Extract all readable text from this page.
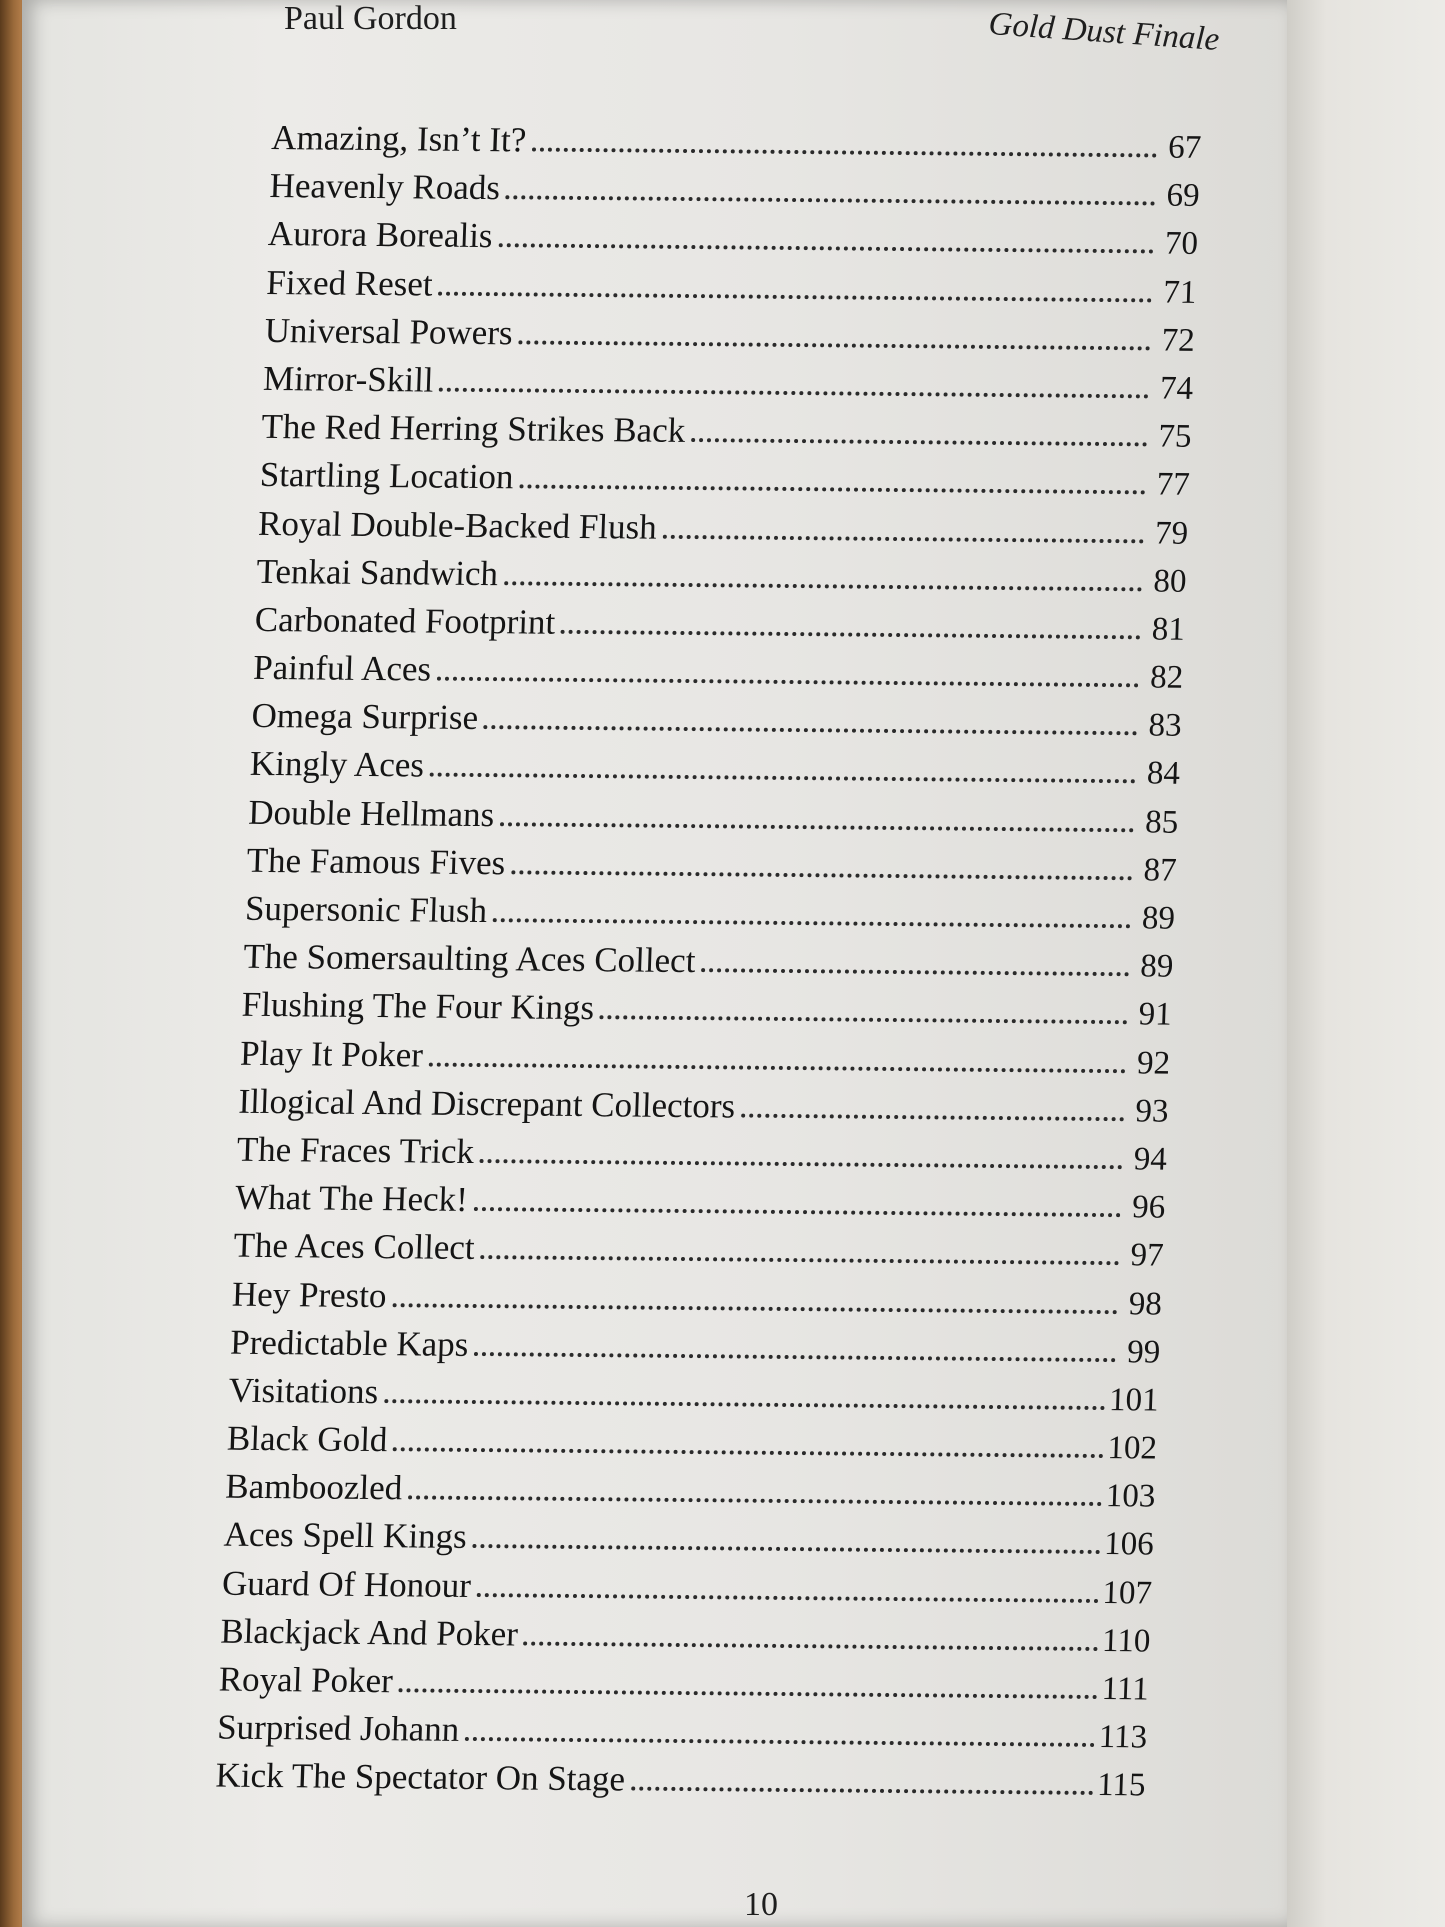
Paul Gordon	Gold Dust Finale
Amazing, Isn’t It?	67
Heavenly Roads	69
Aurora Borealis	70
Fixed Reset	71
Universal Powers	72
Mirror-Skill	74
The Red Herring Strikes Back	75
Startling Location	77
Royal Double-Backed Flush	79
Tenkai Sandwich	80
Carbonated Footprint	81
Painful Aces	82
Omega Surprise	83
Kingly Aces	84
Double Hellmans	85
The Famous Fives	87
Supersonic Flush	89
The Somersaulting Aces Collect	89
Flushing The Four Kings	91
Play It Poker	92
Illogical And Discrepant Collectors	93
The Fraces Trick	94
What The Heck!	96
The Aces Collect	97
Hey Presto	98
Predictable Kaps	99
Visitations	101
Black Gold	102
Bamboozled	103
Aces Spell Kings	106
Guard Of Honour	107
Blackjack And Poker	110
Royal Poker	111
Surprised Johann	113
Kick The Spectator On Stage	115
10
